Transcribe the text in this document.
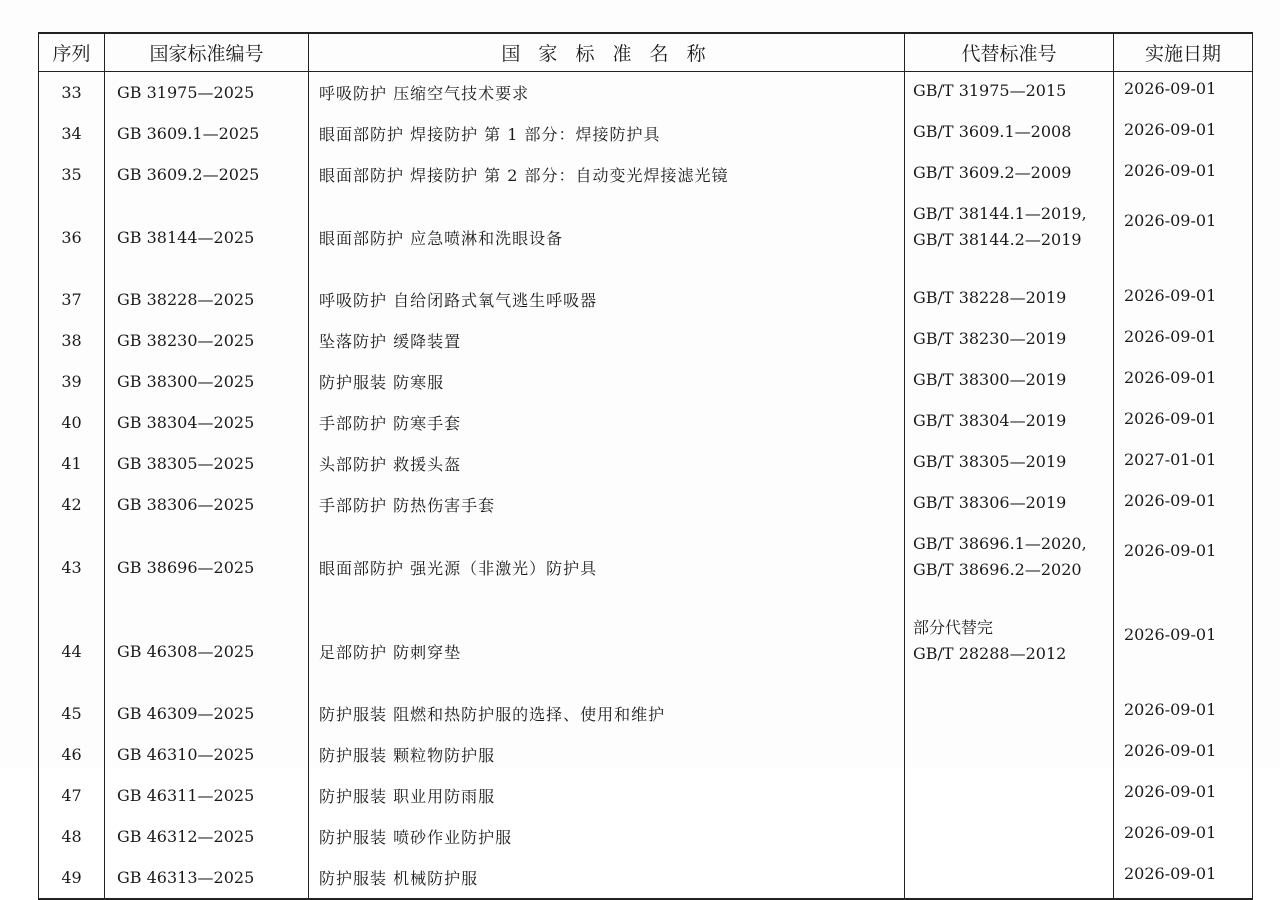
序列	国家标准编号	国 家 标 准 名 称	代替标准号	实施日期
33	GB 31975—2025	呼吸防护 压缩空气技术要求	GB/T 31975—2015	2026-09-01
34	GB 3609.1—2025	眼面部防护 焊接防护 第 1 部分：焊接防护具	GB/T 3609.1—2008	2026-09-01
35	GB 3609.2—2025	眼面部防护 焊接防护 第 2 部分：自动变光焊接滤光镜	GB/T 3609.2—2009	2026-09-01
36	GB 38144—2025	眼面部防护 应急喷淋和洗眼设备	GB/T 38144.1—2019,
GB/T 38144.2—2019	2026-09-01
37	GB 38228—2025	呼吸防护 自给闭路式氧气逃生呼吸器	GB/T 38228—2019	2026-09-01
38	GB 38230—2025	坠落防护 缓降装置	GB/T 38230—2019	2026-09-01
39	GB 38300—2025	防护服装 防寒服	GB/T 38300—2019	2026-09-01
40	GB 38304—2025	手部防护 防寒手套	GB/T 38304—2019	2026-09-01
41	GB 38305—2025	头部防护 救援头盔	GB/T 38305—2019	2027-01-01
42	GB 38306—2025	手部防护 防热伤害手套	GB/T 38306—2019	2026-09-01
43	GB 38696—2025	眼面部防护 强光源（非激光）防护具	GB/T 38696.1—2020,
GB/T 38696.2—2020	2026-09-01
44	GB 46308—2025	足部防护 防刺穿垫	部分代替完
GB/T 28288—2012	2026-09-01
45	GB 46309—2025	防护服装 阻燃和热防护服的选择、使用和维护		2026-09-01
46	GB 46310—2025	防护服装 颗粒物防护服		2026-09-01
47	GB 46311—2025	防护服装 职业用防雨服		2026-09-01
48	GB 46312—2025	防护服装 喷砂作业防护服		2026-09-01
49	GB 46313—2025	防护服装 机械防护服		2026-09-01
